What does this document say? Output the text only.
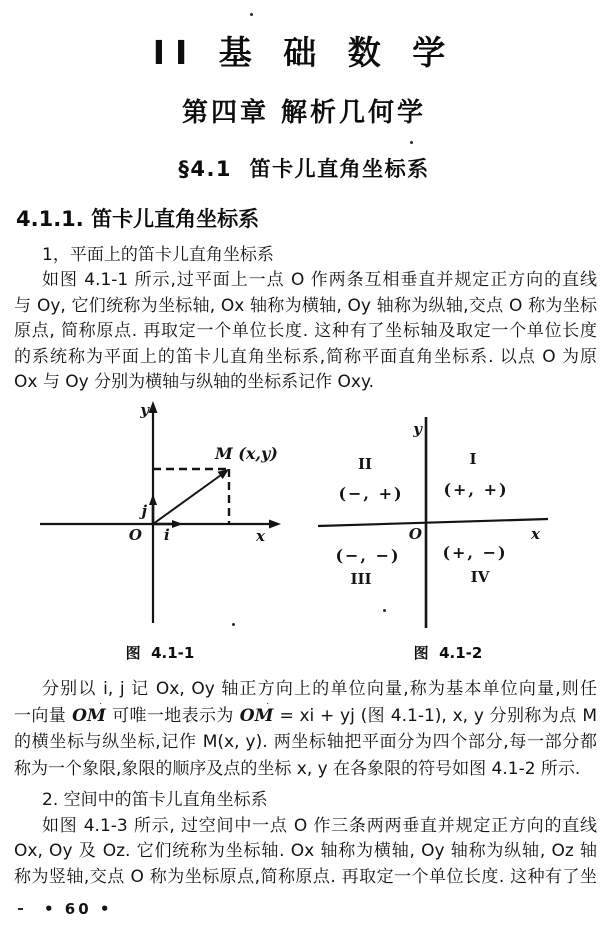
II 基 础 数 学
第四章 解析几何学
§4.1  笛卡儿直角坐标系
4.1.1. 笛卡儿直角坐标系
1，平面上的笛卡儿直角坐标系
如图 4.1-1 所示,过平面上一点 O 作两条互相垂直并规定正方向的直线
与 Oy, 它们统称为坐标轴, Ox 轴称为横轴, Oy 轴称为纵轴,交点 O 称为坐标
原点, 简称原点. 再取定一个单位长度. 这种有了坐标轴及取定一个单位长度
的系统称为平面上的笛卡儿直角坐标系,简称平面直角坐标系. 以点 O 为原
Ox 与 Oy 分别为横轴与纵轴的坐标系记作 Oxy.
y
x
O
j
i
M (x,y)
图  4.1-1
y
x
O
II	I
(−, +) (+, +)
(−, −)	(+, −)
III	IV
图  4.1-2
分别以 i, j 记 Ox, Oy 轴正方向上的单位向量,称为基本单位向量,则任
一向量 OM 可唯一地表示为 OM = xi + yj (图 4.1-1), x, y 分别称为点 M
的横坐标与纵坐标,记作 M(x, y). 两坐标轴把平面分为四个部分,每一部分都
称为一个象限,象限的顺序及点的坐标 x, y 在各象限的符号如图 4.1-2 所示.
2. 空间中的笛卡儿直角坐标系
如图 4.1-3 所示, 过空间中一点 O 作三条两两垂直并规定正方向的直线
Ox, Oy 及 Oz. 它们统称为坐标轴. Ox 轴称为横轴, Oy 轴称为纵轴, Oz 轴
称为竖轴,交点 O 称为坐标原点,简称原点. 再取定一个单位长度. 这种有了坐
• 60 •
